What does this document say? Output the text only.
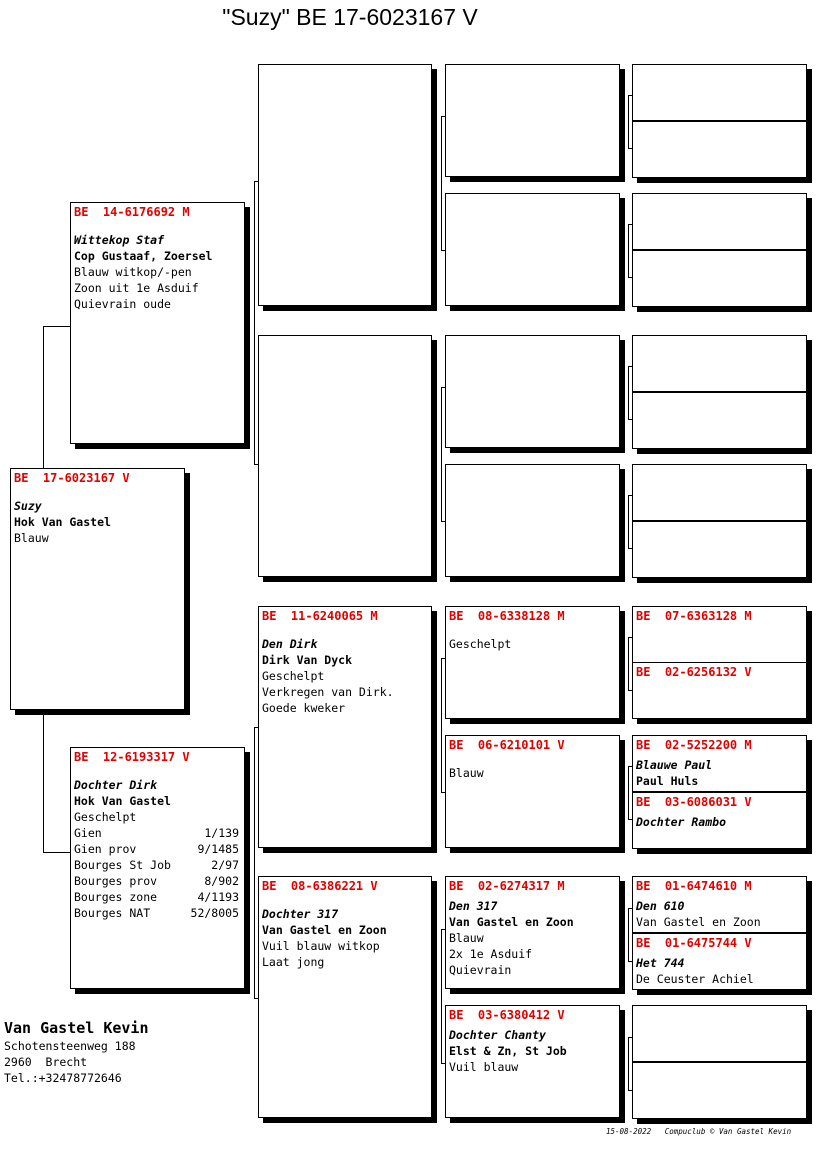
"Suzy" BE 17-6023167 V
BE  17-6023167 V
Suzy
Hok Van Gastel
Blauw
BE  14-6176692 M
Wittekop Staf
Cop Gustaaf, Zoersel
Blauw witkop/-pen
Zoon uit 1e Asduif
Quievrain oude
BE  12-6193317 V
Dochter Dirk
Hok Van Gastel
Geschelpt
Gien	1/139
Gien prov	9/1485
Bourges St Job	2/97
Bourges prov	8/902
Bourges zone	4/1193
Bourges NAT	52/8005
BE  11-6240065 M
Den Dirk
Dirk Van Dyck
Geschelpt
Verkregen van Dirk.
Goede kweker
BE  08-6386221 V
Dochter 317
Van Gastel en Zoon
Vuil blauw witkop
Laat jong
BE  08-6338128 M
Geschelpt
BE  06-6210101 V
Blauw
BE  02-6274317 M
Den 317
Van Gastel en Zoon
Blauw
2x 1e Asduif
Quievrain
BE  03-6380412 V
Dochter Chanty
Elst & Zn, St Job
Vuil blauw
BE  07-6363128 M
BE  02-6256132 V
BE  02-5252200 M
Blauwe Paul
Paul Huls
BE  03-6086031 V
Dochter Rambo
BE  01-6474610 M
Den 610
Van Gastel en Zoon
BE  01-6475744 V
Het 744
De Ceuster Achiel
Van Gastel Kevin
Schotensteenweg 188
2960  Brecht
Tel.:+32478772646
15-08-2022 Compuclub © Van Gastel Kevin
